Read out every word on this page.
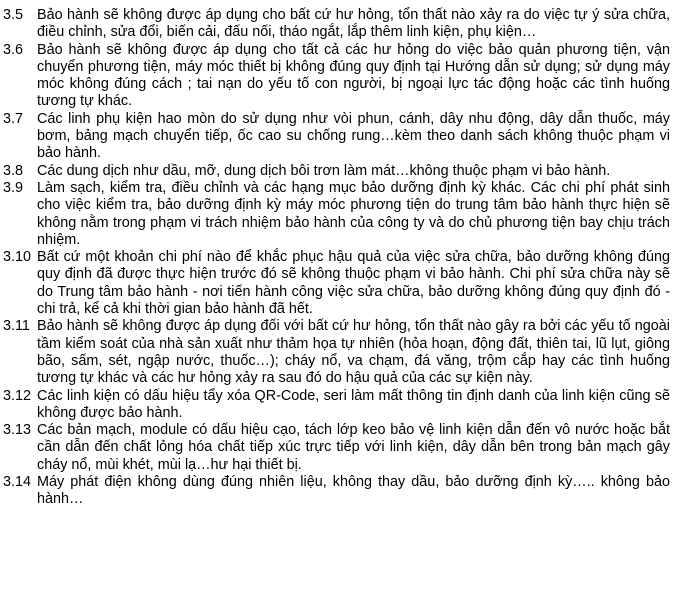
3.5 Bảo hành sẽ không được áp dụng cho bất cứ hư hỏng, tổn thất nào xảy ra do việc tự ý sửa chữa, điều chỉnh, sửa đổi, biến cải, đấu nối, tháo ngắt, lắp thêm linh kiện, phụ kiện…
3.6 Bảo hành sẽ không được áp dụng cho tất cả các hư hỏng do việc bảo quản phương tiện, vận chuyển phương tiện, máy móc thiết bị không đúng quy định tại Hướng dẫn sử dụng; sử dụng máy móc không đúng cách ; tai nạn do yếu tố con người, bị ngoại lực tác động hoặc các tình huống tương tự khác.
3.7 Các linh phụ kiện hao mòn do sử dụng như vòi phun, cánh, dây nhu động, dây dẫn thuốc, máy bơm, bảng mạch chuyển tiếp, ốc cao su chống rung…kèm theo danh sách không thuộc phạm vi bảo hành.
3.8 Các dung dịch như dầu, mỡ, dung dịch bôi trơn làm mát…không thuộc phạm vi bảo hành.
3.9 Làm sạch, kiểm tra, điều chỉnh và các hạng mục bảo dưỡng định kỳ khác. Các chi phí phát sinh cho việc kiểm tra, bảo dưỡng định kỳ máy móc phương tiện do trung tâm bảo hành thực hiện sẽ không nằm trong phạm vi trách nhiệm bảo hành của công ty và do chủ phương tiện bay chịu trách nhiệm.
3.10 Bất cứ một khoản chi phí nào để khắc phục hậu quả của việc sửa chữa, bảo dưỡng không đúng quy định đã được thực hiện trước đó sẽ không thuộc phạm vi bảo hành. Chi phí sửa chữa này sẽ do Trung tâm bảo hành - nơi tiến hành công việc sửa chữa, bảo dưỡng không đúng quy định đó - chi trả, kể cả khi thời gian bảo hành đã hết.
3.11 Bảo hành sẽ không được áp dụng đối với bất cứ hư hỏng, tổn thất nào gây ra bởi các yếu tố ngoài tầm kiểm soát của nhà sản xuất như thảm họa tự nhiên (hỏa hoạn, động đất, thiên tai, lũ lụt, giông bão, sấm, sét, ngập nước, thuốc…); cháy nổ, va chạm, đá văng, trộm cắp hay các tình huống tương tự khác và các hư hỏng xảy ra sau đó do hậu quả của các sự kiện này.
3.12 Các linh kiện có dấu hiệu tẩy xóa QR-Code, seri làm mất thông tin định danh của linh kiện cũng sẽ không được bảo hành.
3.13 Các bản mạch, module có dấu hiệu cạo, tách lớp keo bảo vệ linh kiện dẫn đến vô nước hoặc bắt cần dẫn đến chất lỏng hóa chất tiếp xúc trực tiếp với linh kiện, dây dẫn bên trong bản mạch gây cháy nổ, mùi khét, mùi lạ…hư hại thiết bị.
3.14 Máy phát điện không dùng đúng nhiên liệu, không thay dầu, bảo dưỡng định kỳ….. không bảo hành…
